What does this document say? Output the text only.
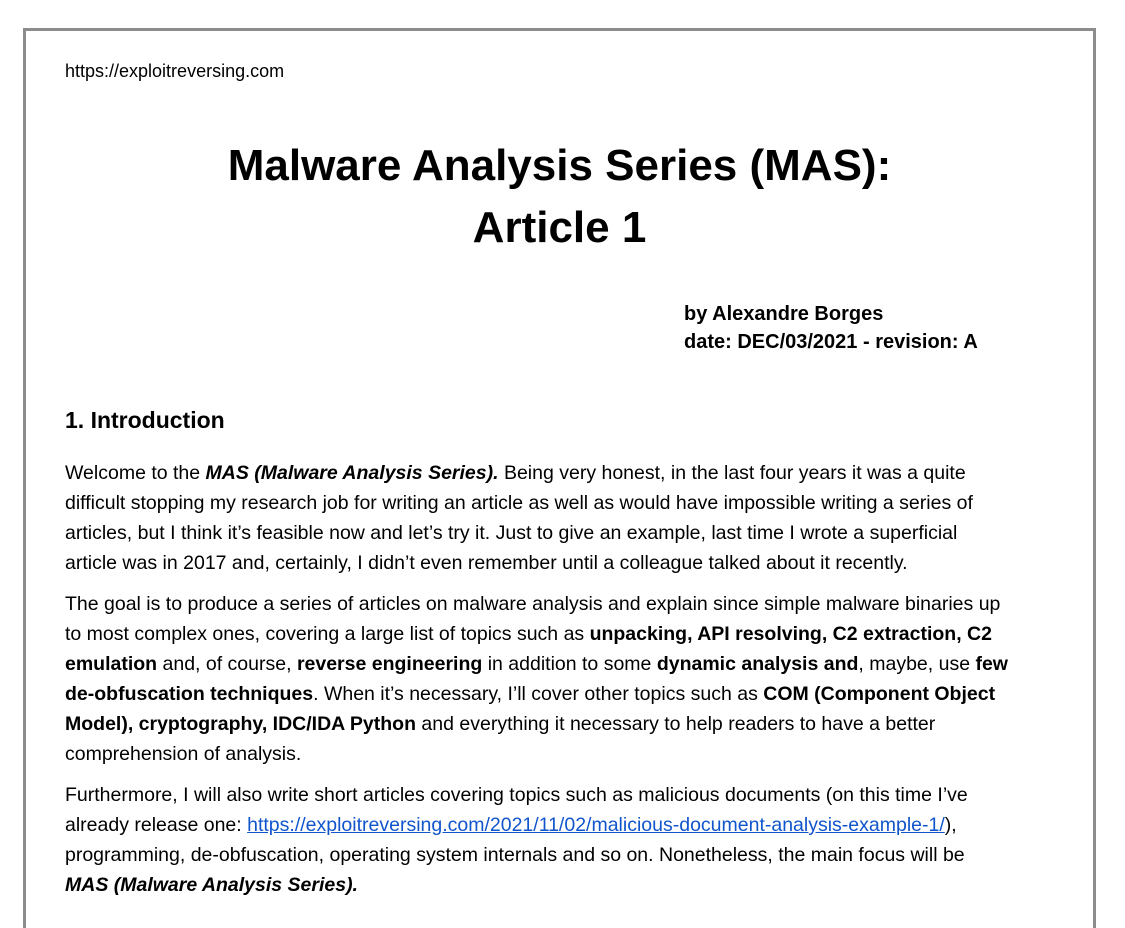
https://exploitreversing.com
Malware Analysis Series (MAS):
Article 1
by Alexandre Borges
date: DEC/03/2021 - revision: A
1. Introduction

Welcome to the MAS (Malware Analysis Series). Being very honest, in the last four years it was a quite
difficult stopping my research job for writing an article as well as would have impossible writing a series of
articles, but I think it’s feasible now and let’s try it. Just to give an example, last time I wrote a superficial
article was in 2017 and, certainly, I didn’t even remember until a colleague talked about it recently.

The goal is to produce a series of articles on malware analysis and explain since simple malware binaries up
to most complex ones, covering a large list of topics such as unpacking, API resolving, C2 extraction, C2
emulation and, of course, reverse engineering in addition to some dynamic analysis and, maybe, use few
de-obfuscation techniques. When it’s necessary, I’ll cover other topics such as COM (Component Object
Model), cryptography, IDC/IDA Python and everything it necessary to help readers to have a better
comprehension of analysis.

Furthermore, I will also write short articles covering topics such as malicious documents (on this time I’ve
already release one: https://exploitreversing.com/2021/11/02/malicious-document-analysis-example-1/),
programming, de-obfuscation, operating system internals and so on. Nonetheless, the main focus will be
MAS (Malware Analysis Series).
